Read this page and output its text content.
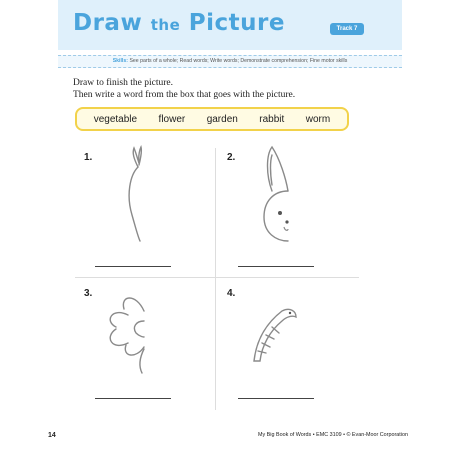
Draw the Picture	Track 7
Skills: See parts of a whole; Read words; Write words; Demonstrate comprehension; Fine motor skills

Draw to finish the picture.

Then write a word from the box that goes with the picture.

vegetable flower garden rabbit worm
1.	2.
3.	4.
14	My Big Book of Words • EMC 3109 • © Evan-Moor Corporation
